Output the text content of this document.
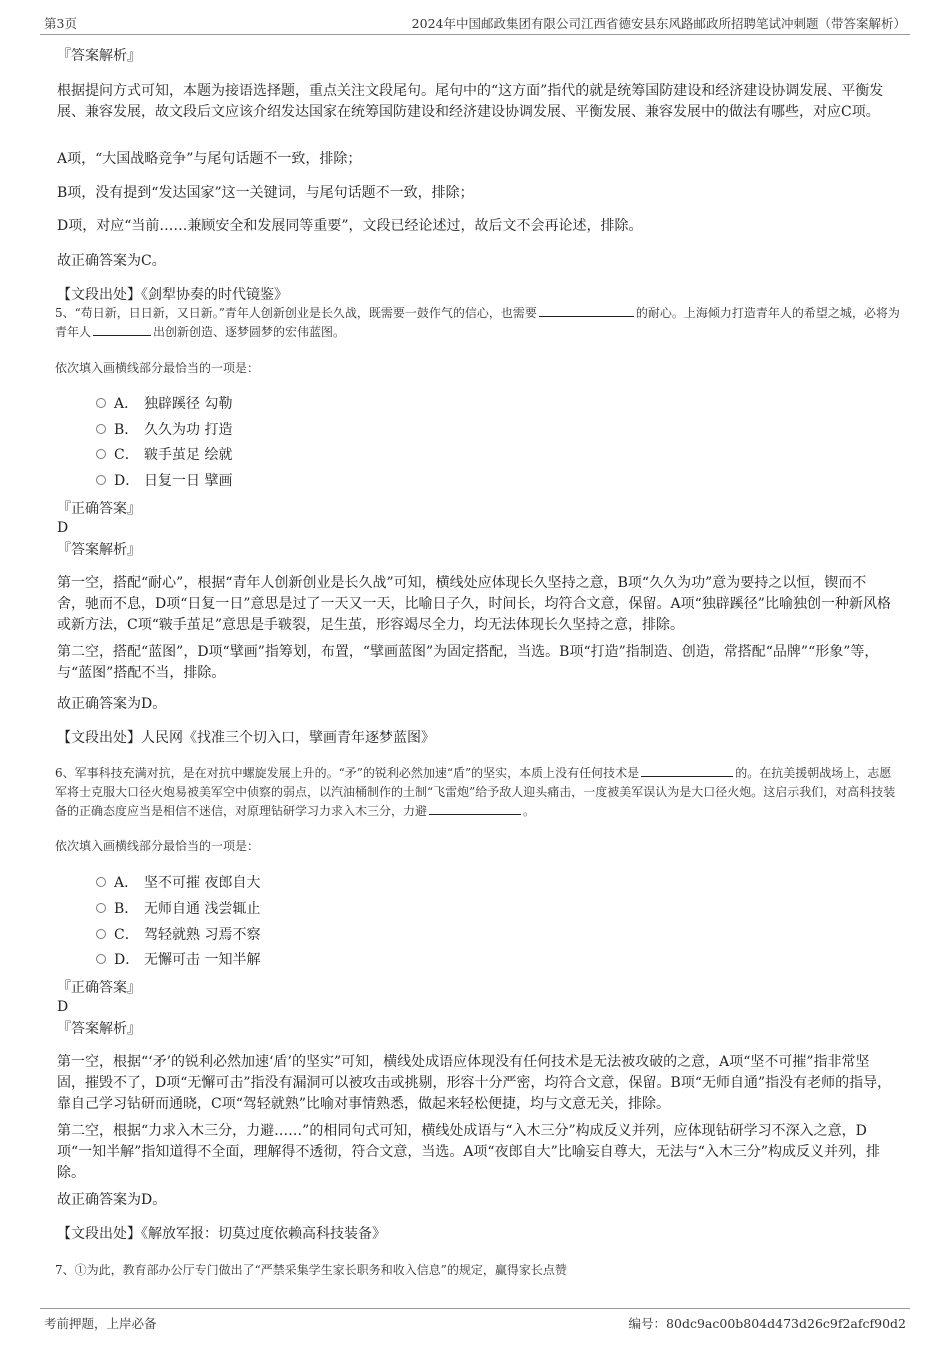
第3页	2024年中国邮政集团有限公司江西省德安县东风路邮政所招聘笔试冲刺题（带答案解析）
『答案解析』
根据提问方式可知，本题为接语选择题，重点关注文段尾句。尾句中的“这方面”指代的就是统筹国防建设和经济建设协调发展、平衡发展、兼容发展，故文段后文应该介绍发达国家在统筹国防建设和经济建设协调发展、平衡发展、兼容发展中的做法有哪些，对应C项。
A项，“大国战略竞争”与尾句话题不一致，排除；
B项，没有提到“发达国家”这一关键词，与尾句话题不一致，排除；
D项，对应“当前……兼顾安全和发展同等重要”，文段已经论述过，故后文不会再论述，排除。
故正确答案为C。
【文段出处】《剑犁协奏的时代镜鉴》
5、“苟日新，日日新，又日新。”青年人创新创业是长久战，既需要一鼓作气的信心，也需要	的耐心。上海倾力打造青年人的希望之城，必将为青年人	出创新创造、逐梦圆梦的宏伟蓝图。
依次填入画横线部分最恰当的一项是：
A． 独辟蹊径 勾勒
B． 久久为功 打造
C． 皲手茧足 绘就
D． 日复一日 擘画
『正确答案』
D
『答案解析』
第一空，搭配“耐心”，根据“青年人创新创业是长久战”可知，横线处应体现长久坚持之意，B项“久久为功”意为要持之以恒，锲而不舍，驰而不息，D项“日复一日”意思是过了一天又一天，比喻日子久，时间长，均符合文意，保留。A项“独辟蹊径”比喻独创一种新风格或新方法，C项“皲手茧足”意思是手皲裂，足生茧，形容竭尽全力，均无法体现长久坚持之意，排除。
第二空，搭配“蓝图”，D项“擘画”指筹划，布置，“擘画蓝图”为固定搭配，当选。B项“打造”指制造、创造，常搭配“品牌”“形象”等，与“蓝图”搭配不当，排除。
故正确答案为D。
【文段出处】人民网《找准三个切入口，擘画青年逐梦蓝图》
6、军事科技充满对抗，是在对抗中螺旋发展上升的。“矛”的锐利必然加速“盾”的坚实，本质上没有任何技术是	的。在抗美援朝战场上，志愿军将士克服大口径火炮易被美军空中侦察的弱点，以汽油桶制作的土制“飞雷炮”给予敌人迎头痛击，一度被美军误认为是大口径火炮。这启示我们，对高科技装备的正确态度应当是相信不迷信，对原理钻研学习力求入木三分，力避	。
依次填入画横线部分最恰当的一项是：
A． 坚不可摧 夜郎自大
B． 无师自通 浅尝辄止
C． 驾轻就熟 习焉不察
D． 无懈可击 一知半解
『正确答案』
D
『答案解析』
第一空，根据“‘矛’的锐利必然加速‘盾’的坚实”可知，横线处成语应体现没有任何技术是无法被攻破的之意，A项“坚不可摧”指非常坚固，摧毁不了，D项“无懈可击”指没有漏洞可以被攻击或挑剔，形容十分严密，均符合文意，保留。B项“无师自通”指没有老师的指导，靠自己学习钻研而通晓，C项“驾轻就熟”比喻对事情熟悉，做起来轻松便捷，均与文意无关，排除。
第二空，根据“力求入木三分，力避……”的相同句式可知，横线处成语与“入木三分”构成反义并列，应体现钻研学习不深入之意，D项“一知半解”指知道得不全面，理解得不透彻，符合文意，当选。A项“夜郎自大”比喻妄自尊大，无法与“入木三分”构成反义并列，排除。
故正确答案为D。
【文段出处】《解放军报：切莫过度依赖高科技装备》
7、①为此，教育部办公厅专门做出了“严禁采集学生家长职务和收入信息”的规定，赢得家长点赞
考前押题，上岸必备	编号：80dc9ac00b804d473d26c9f2afcf90d2
